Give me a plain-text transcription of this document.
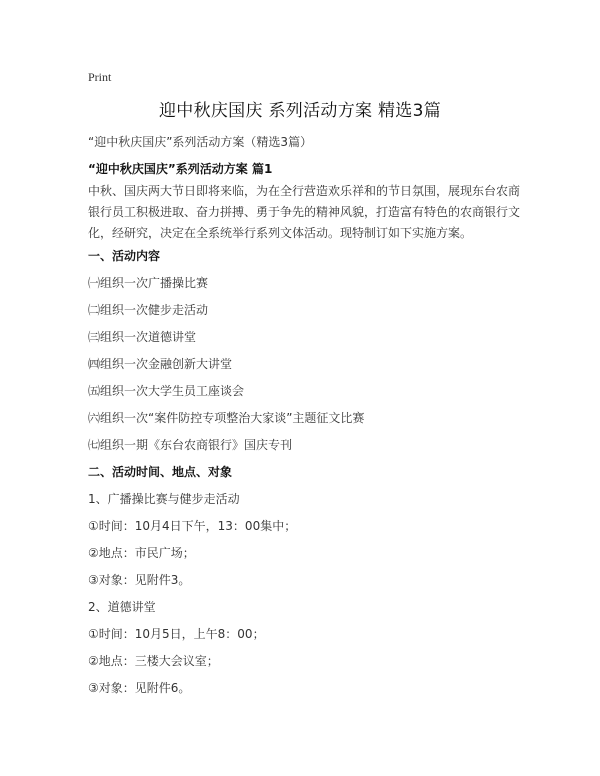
Print
迎中秋庆国庆 系列活动方案 精选3篇
“迎中秋庆国庆”系列活动方案（精选3篇）
“迎中秋庆国庆”系列活动方案 篇1
中秋、国庆两大节日即将来临，为在全行营造欢乐祥和的节日氛围，展现东台农商银行员工积极进取、奋力拼搏、勇于争先的精神风貌，打造富有特色的农商银行文化，经研究，决定在全系统举行系列文体活动。现特制订如下实施方案。
一、活动内容
㈠组织一次广播操比赛
㈡组织一次健步走活动
㈢组织一次道德讲堂
㈣组织一次金融创新大讲堂
㈤组织一次大学生员工座谈会
㈥组织一次“案件防控专项整治大家谈”主题征文比赛
㈦组织一期《东台农商银行》国庆专刊
二、活动时间、地点、对象
1、广播操比赛与健步走活动
①时间：10月4日下午，13：00集中；
②地点：市民广场；
③对象：见附件3。
2、道德讲堂
①时间：10月5日，上午8：00；
②地点：三楼大会议室；
③对象：见附件6。
